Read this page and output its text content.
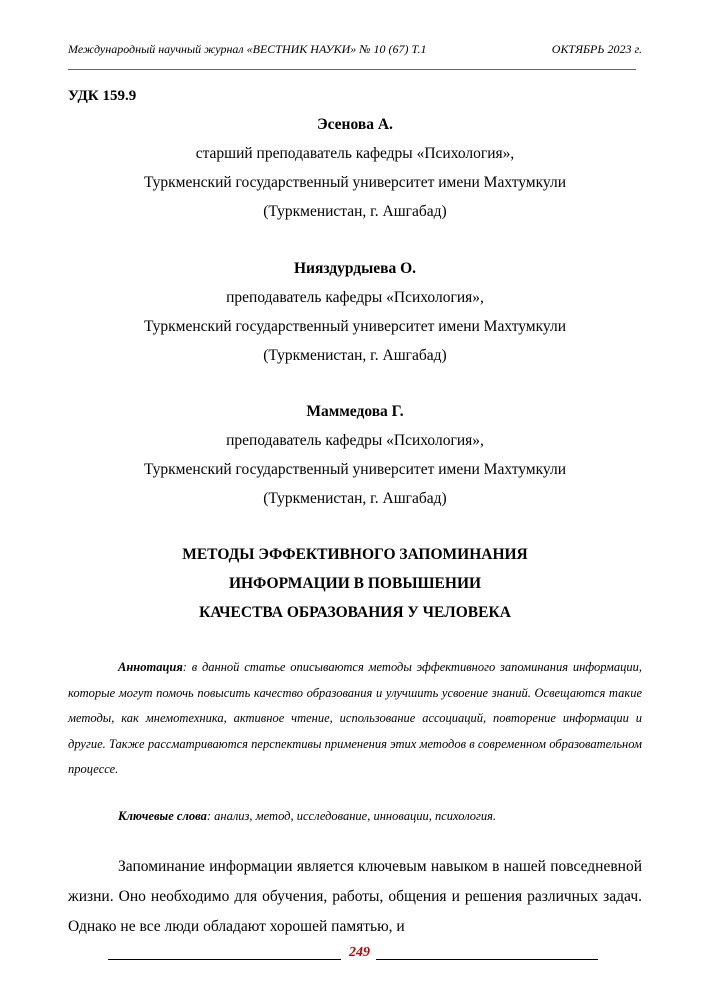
Международный научный журнал «ВЕСТНИК НАУКИ» № 10 (67) Т.1	ОКТЯБРЬ 2023 г.
УДК 159.9
Эсенова А.
старший преподаватель кафедры «Психология»,
Туркменский государственный университет имени Махтумкули
(Туркменистан, г. Ашгабад)
Нияздурдыева О.
преподаватель кафедры «Психология»,
Туркменский государственный университет имени Махтумкули
(Туркменистан, г. Ашгабад)
Маммедова Г.
преподаватель кафедры «Психология»,
Туркменский государственный университет имени Махтумкули
(Туркменистан, г. Ашгабад)
МЕТОДЫ ЭФФЕКТИВНОГО ЗАПОМИНАНИЯ
ИНФОРМАЦИИ В ПОВЫШЕНИИ
КАЧЕСТВА ОБРАЗОВАНИЯ У ЧЕЛОВЕКА
Аннотация: в данной статье описываются методы эффективного запоминания информации, которые могут помочь повысить качество образования и улучшить усвоение знаний. Освещаются такие методы, как мнемотехника, активное чтение, использование ассоциаций, повторение информации и другие. Также рассматриваются перспективы применения этих методов в современном образовательном процессе.
Ключевые слова: анализ, метод, исследование, инновации, психология.
Запоминание информации является ключевым навыком в нашей повседневной жизни. Оно необходимо для обучения, работы, общения и решения различных задач. Однако не все люди обладают хорошей памятью, и
249
